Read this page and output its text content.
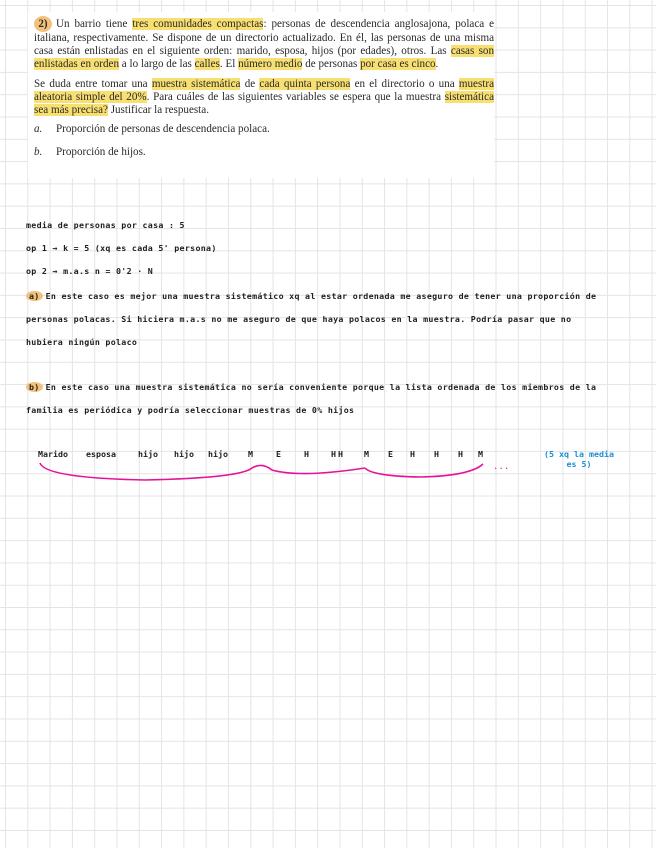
2) Un barrio tiene tres comunidades compactas: personas de descendencia anglosajona, polaca e italiana, respectivamente. Se dispone de un directorio actualizado. En él, las personas de una misma casa están enlistadas en el siguiente orden: marido, esposa, hijos (por edades), otros. Las casas son enlistadas en orden a lo largo de las calles. El número medio de personas por casa es cinco.

Se duda entre tomar una muestra sistemática de cada quinta persona en el directorio o una muestra aleatoria simple del 20%. Para cuáles de las siguientes variables se espera que la muestra sistemática sea más precisa? Justificar la respuesta.

a. Proporción de personas de descendencia polaca.
b. Proporción de hijos.
media de personas por casa : 5
op 1 → k = 5 (xq es cada 5' persona)
op 2 → m.a.s n = 0'2 · N
a) En este caso es mejor una muestra sistemático xq al estar ordenada me aseguro de tener una proporción de
personas polacas. Si hiciera m.a.s no me aseguro de que haya polacos en la muestra. Podría pasar que no
hubiera ningún polaco
b) En este caso una muestra sistemática no sería conveniente porque la lista ordenada de los miembros de la
familia es periódica y podría seleccionar muestras de 0% hijos
Marido esposa	hijo hijo hijo M	E	H	H H	M E H H H M
...
(5 xq la media
es 5)
